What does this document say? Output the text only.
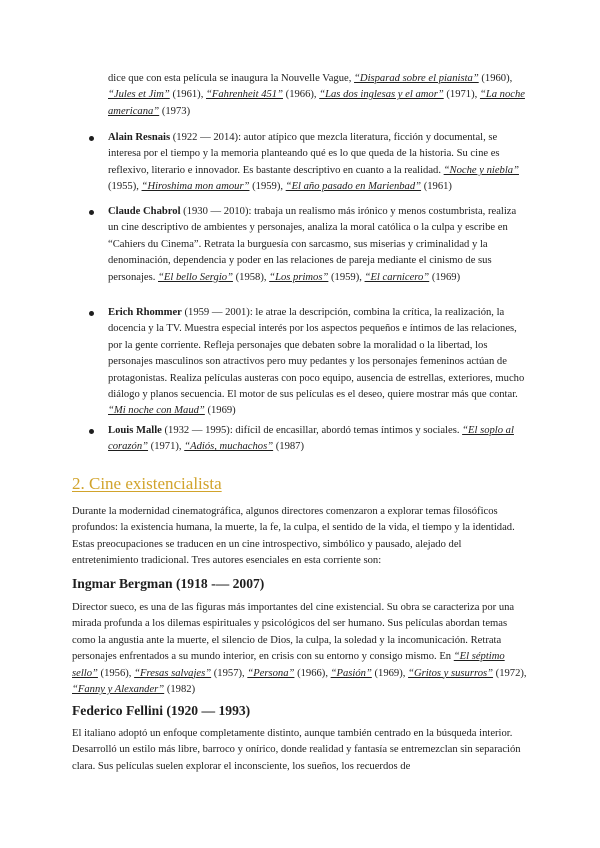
dice que con esta película se inaugura la Nouvelle Vague, “Disparad sobre el pianista” (1960), “Jules et Jim” (1961), “Fahrenheit 451” (1966), “Las dos inglesas y el amor” (1971), “La noche americana” (1973)

Alain Resnais (1922 — 2014): autor atípico que mezcla literatura, ficción y documental, se interesa por el tiempo y la memoria planteando qué es lo que queda de la historia. Su cine es reflexivo, literario e innovador. Es bastante descriptivo en cuanto a la realidad. “Noche y niebla” (1955), “Hiroshima mon amour” (1959), “El año pasado en Marienbad” (1961)

Claude Chabrol (1930 — 2010): trabaja un realismo más irónico y menos costumbrista, realiza un cine descriptivo de ambientes y personajes, analiza la moral católica o la culpa y escribe en “Cahiers du Cinema”. Retrata la burguesía con sarcasmo, sus miserias y criminalidad y la denominación, dependencia y poder en las relaciones de pareja mediante el cinismo de sus personajes. “El bello Sergio” (1958), “Los primos” (1959), “El carnicero” (1969)

Erich Rhommer (1959 — 2001): le atrae la descripción, combina la crítica, la realización, la docencia y la TV. Muestra especial interés por los aspectos pequeños e íntimos de las relaciones, por la gente corriente. Refleja personajes que debaten sobre la moralidad o la libertad, los personajes masculinos son atractivos pero muy pedantes y los personajes femeninos actúan de protagonistas. Realiza películas austeras con poco equipo, ausencia de estrellas, exteriores, mucho diálogo y planos secuencia. El motor de sus películas es el deseo, quiere mostrar más que contar. “Mi noche con Maud” (1969)

Louis Malle (1932 — 1995): difícil de encasillar, abordó temas íntimos y sociales. “El soplo al corazón” (1971), “Adiós, muchachos” (1987)

2. Cine existencialista

Durante la modernidad cinematográfica, algunos directores comenzaron a explorar temas filosóficos profundos: la existencia humana, la muerte, la fe, la culpa, el sentido de la vida, el tiempo y la identidad. Estas preocupaciones se traducen en un cine introspectivo, simbólico y pausado, alejado del entretenimiento tradicional. Tres autores esenciales en esta corriente son:

Ingmar Bergman (1918 -— 2007)

Director sueco, es una de las figuras más importantes del cine existencial. Su obra se caracteriza por una mirada profunda a los dilemas espirituales y psicológicos del ser humano. Sus películas abordan temas como la angustia ante la muerte, el silencio de Dios, la culpa, la soledad y la incomunicación. Retrata personajes enfrentados a su mundo interior, en crisis con su entorno y consigo mismo. En “El séptimo sello” (1956), “Fresas salvajes” (1957), “Persona” (1966), “Pasión” (1969), “Gritos y susurros” (1972), “Fanny y Alexander” (1982)

Federico Fellini (1920 — 1993)

El italiano adoptó un enfoque completamente distinto, aunque también centrado en la búsqueda interior. Desarrolló un estilo más libre, barroco y onírico, donde realidad y fantasía se entremezclan sin separación clara. Sus películas suelen explorar el inconsciente, los sueños, los recuerdos de
